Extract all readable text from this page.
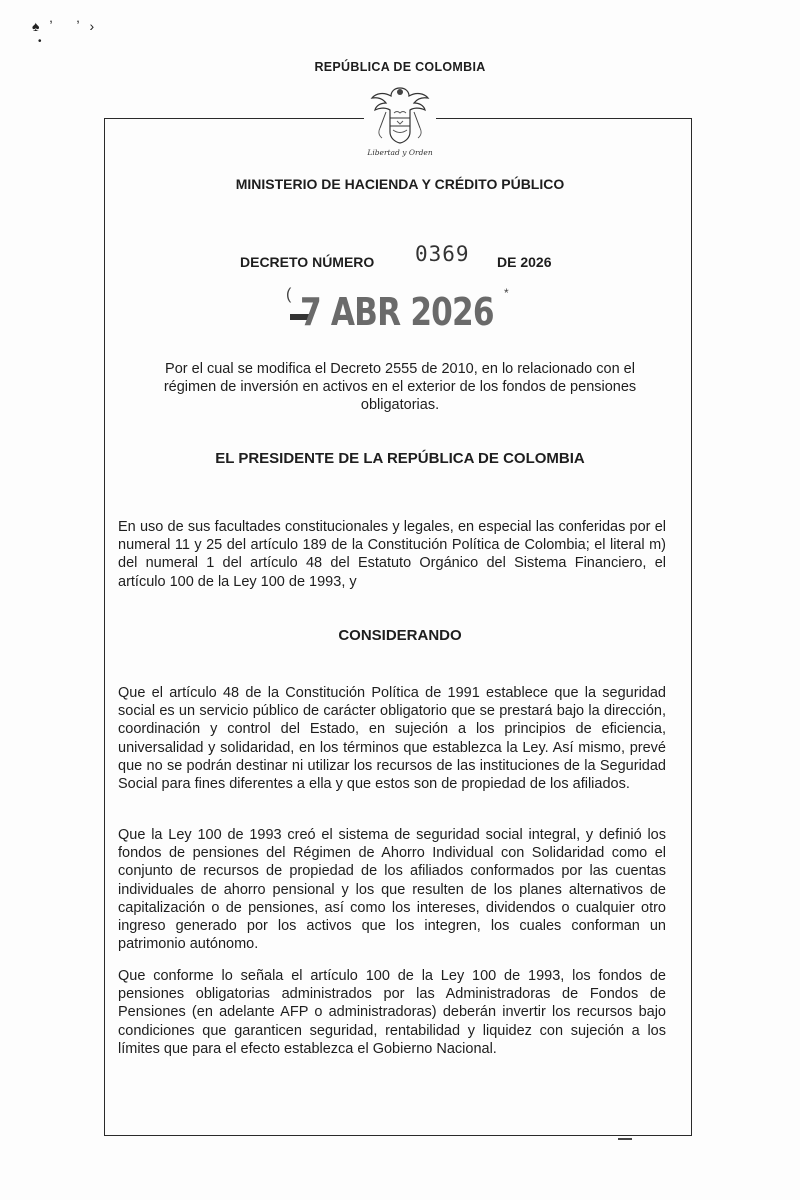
♠ʼ ʼ›
•
REPÚBLICA DE COLOMBIA
Libertad y Orden
MINISTERIO DE HACIENDA Y CRÉDITO PÚBLICO
DECRETO NÚMERO 0369 DE 2026
( 7 ABR 2026 *
Por el cual se modifica el Decreto 2555 de 2010, en lo relacionado con el régimen de inversión en activos en el exterior de los fondos de pensiones obligatorias.
EL PRESIDENTE DE LA REPÚBLICA DE COLOMBIA
En uso de sus facultades constitucionales y legales, en especial las conferidas por el numeral 11 y 25 del artículo 189 de la Constitución Política de Colombia; el literal m) del numeral 1 del artículo 48 del Estatuto Orgánico del Sistema Financiero, el artículo 100 de la Ley 100 de 1993, y
CONSIDERANDO
Que el artículo 48 de la Constitución Política de 1991 establece que la seguridad social es un servicio público de carácter obligatorio que se prestará bajo la dirección, coordinación y control del Estado, en sujeción a los principios de eficiencia, universalidad y solidaridad, en los términos que establezca la Ley. Así mismo, prevé que no se podrán destinar ni utilizar los recursos de las instituciones de la Seguridad Social para fines diferentes a ella y que estos son de propiedad de los afiliados.
Que la Ley 100 de 1993 creó el sistema de seguridad social integral, y definió los fondos de pensiones del Régimen de Ahorro Individual con Solidaridad como el conjunto de recursos de propiedad de los afiliados conformados por las cuentas individuales de ahorro pensional y los que resulten de los planes alternativos de capitalización o de pensiones, así como los intereses, dividendos o cualquier otro ingreso generado por los activos que los integren, los cuales conforman un patrimonio autónomo.
Que conforme lo señala el artículo 100 de la Ley 100 de 1993, los fondos de pensiones obligatorias administrados por las Administradoras de Fondos de Pensiones (en adelante AFP o administradoras) deberán invertir los recursos bajo condiciones que garanticen seguridad, rentabilidad y liquidez con sujeción a los límites que para el efecto establezca el Gobierno Nacional.
